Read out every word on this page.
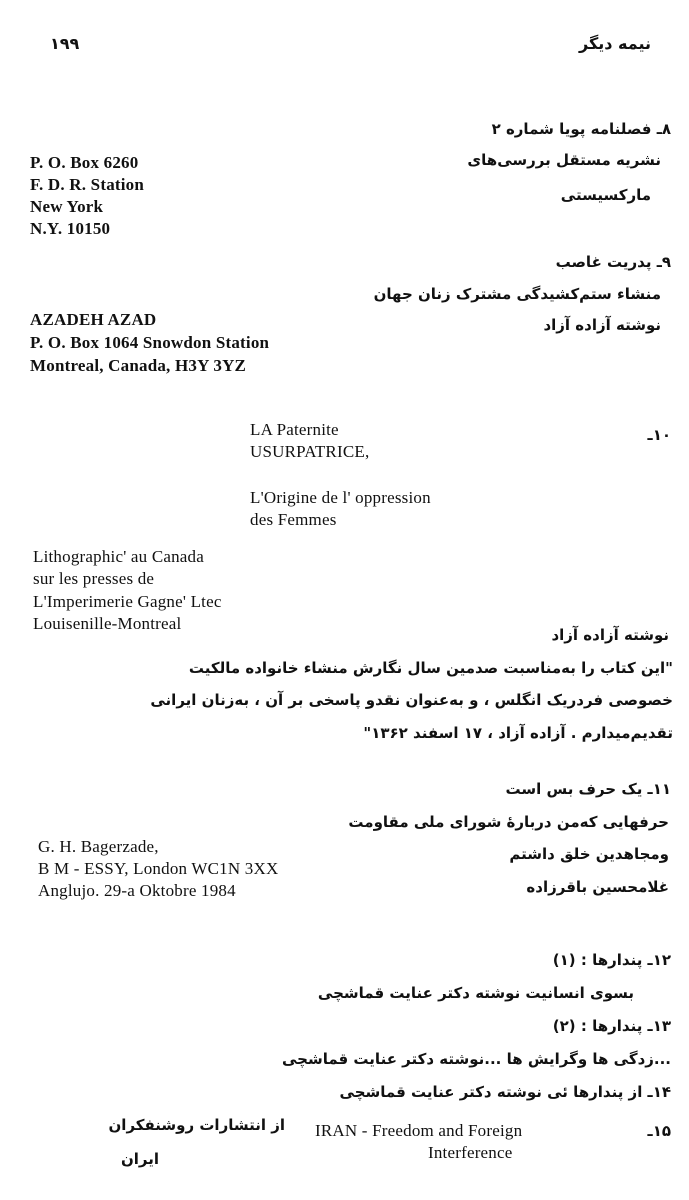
۱۹۹	نیمه دیگر
۸ـ فصلنامه پویا شماره ۲
نشریه مستقل بررسی‌های
مارکسیستی
P. O. Box 6260
F. D. R. Station
New York
N.Y. 10150
۹ـ پدریت غاصب
منشاء ستم‌کشیدگی مشترک زنان جهان
نوشته آزاده آزاد
AZADEH AZAD
P. O. Box 1064 Snowdon Station
Montreal, Canada, H3Y 3YZ
۱۰ـ
LA Paternite
USURPATRICE,
L'Origine de l' oppression
des Femmes
Lithographic' au Canada
sur les presses de
L'Imperimerie Gagne' Ltec
Louisenille-Montreal
نوشته آزاده آزاد
"این کتاب را به‌مناسبت صدمین سال نگارش منشاء خانواده مالکیت
خصوصی فردریک انگلس ، و به‌عنوان نقدو پاسخی بر آن ، به‌زنان ایرانی
تقدیم‌میدارم . آزاده آزاد ، ۱۷ اسفند ۱۳۶۲"
۱۱ـ یک حرف بس است
حرفهایی که‌من دربارهٔ شورای ملی مقاومت
ومجاهدین خلق داشتم
غلامحسین باقرزاده
G. H. Bagerzade,
B M - ESSY, London WC1N 3XX
Anglujo. 29-a Oktobre 1984
۱۲ـ پندارها : (۱)
بسوی انسانیت نوشته دکتر عنایت قماشچی
۱۳ـ پندارها : (۲)
...زدگی ها وگرایش ها ...نوشته دکتر عنایت قماشچی
۱۴ـ از پندارها ئی نوشته دکتر عنایت قماشچی
۱۵ـ
IRAN - Freedom and Foreign
Interference
از انتشارات روشنفکران
ایران
